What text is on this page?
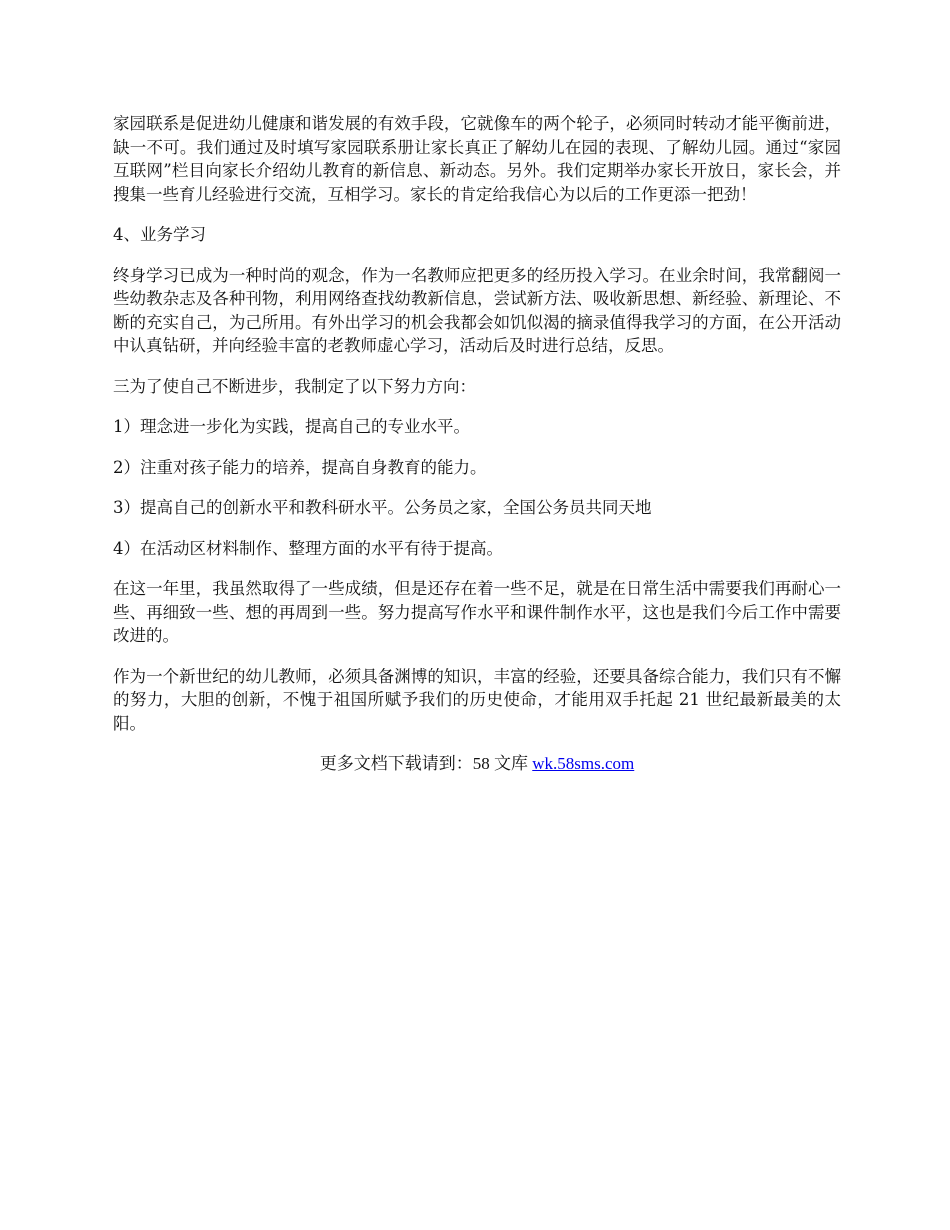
家园联系是促进幼儿健康和谐发展的有效手段，它就像车的两个轮子，必须同时转动才能平衡前进，缺一不可。我们通过及时填写家园联系册让家长真正了解幼儿在园的表现、了解幼儿园。通过“家园互联网”栏目向家长介绍幼儿教育的新信息、新动态。另外。我们定期举办家长开放日，家长会，并搜集一些育儿经验进行交流，互相学习。家长的肯定给我信心为以后的工作更添一把劲！

4、业务学习

终身学习已成为一种时尚的观念，作为一名教师应把更多的经历投入学习。在业余时间，我常翻阅一些幼教杂志及各种刊物，利用网络查找幼教新信息，尝试新方法、吸收新思想、新经验、新理论、不断的充实自己，为己所用。有外出学习的机会我都会如饥似渴的摘录值得我学习的方面，在公开活动中认真钻研，并向经验丰富的老教师虚心学习，活动后及时进行总结，反思。

三为了使自己不断进步，我制定了以下努力方向：

1）理念进一步化为实践，提高自己的专业水平。

2）注重对孩子能力的培养，提高自身教育的能力。

3）提高自己的创新水平和教科研水平。公务员之家，全国公务员共同天地

4）在活动区材料制作、整理方面的水平有待于提高。

在这一年里，我虽然取得了一些成绩，但是还存在着一些不足，就是在日常生活中需要我们再耐心一些、再细致一些、想的再周到一些。努力提高写作水平和课件制作水平，这也是我们今后工作中需要改进的。

作为一个新世纪的幼儿教师，必须具备渊博的知识，丰富的经验，还要具备综合能力，我们只有不懈的努力，大胆的创新，不愧于祖国所赋予我们的历史使命，才能用双手托起 21 世纪最新最美的太阳。

更多文档下载请到：58 文库 wk.58sms.com
